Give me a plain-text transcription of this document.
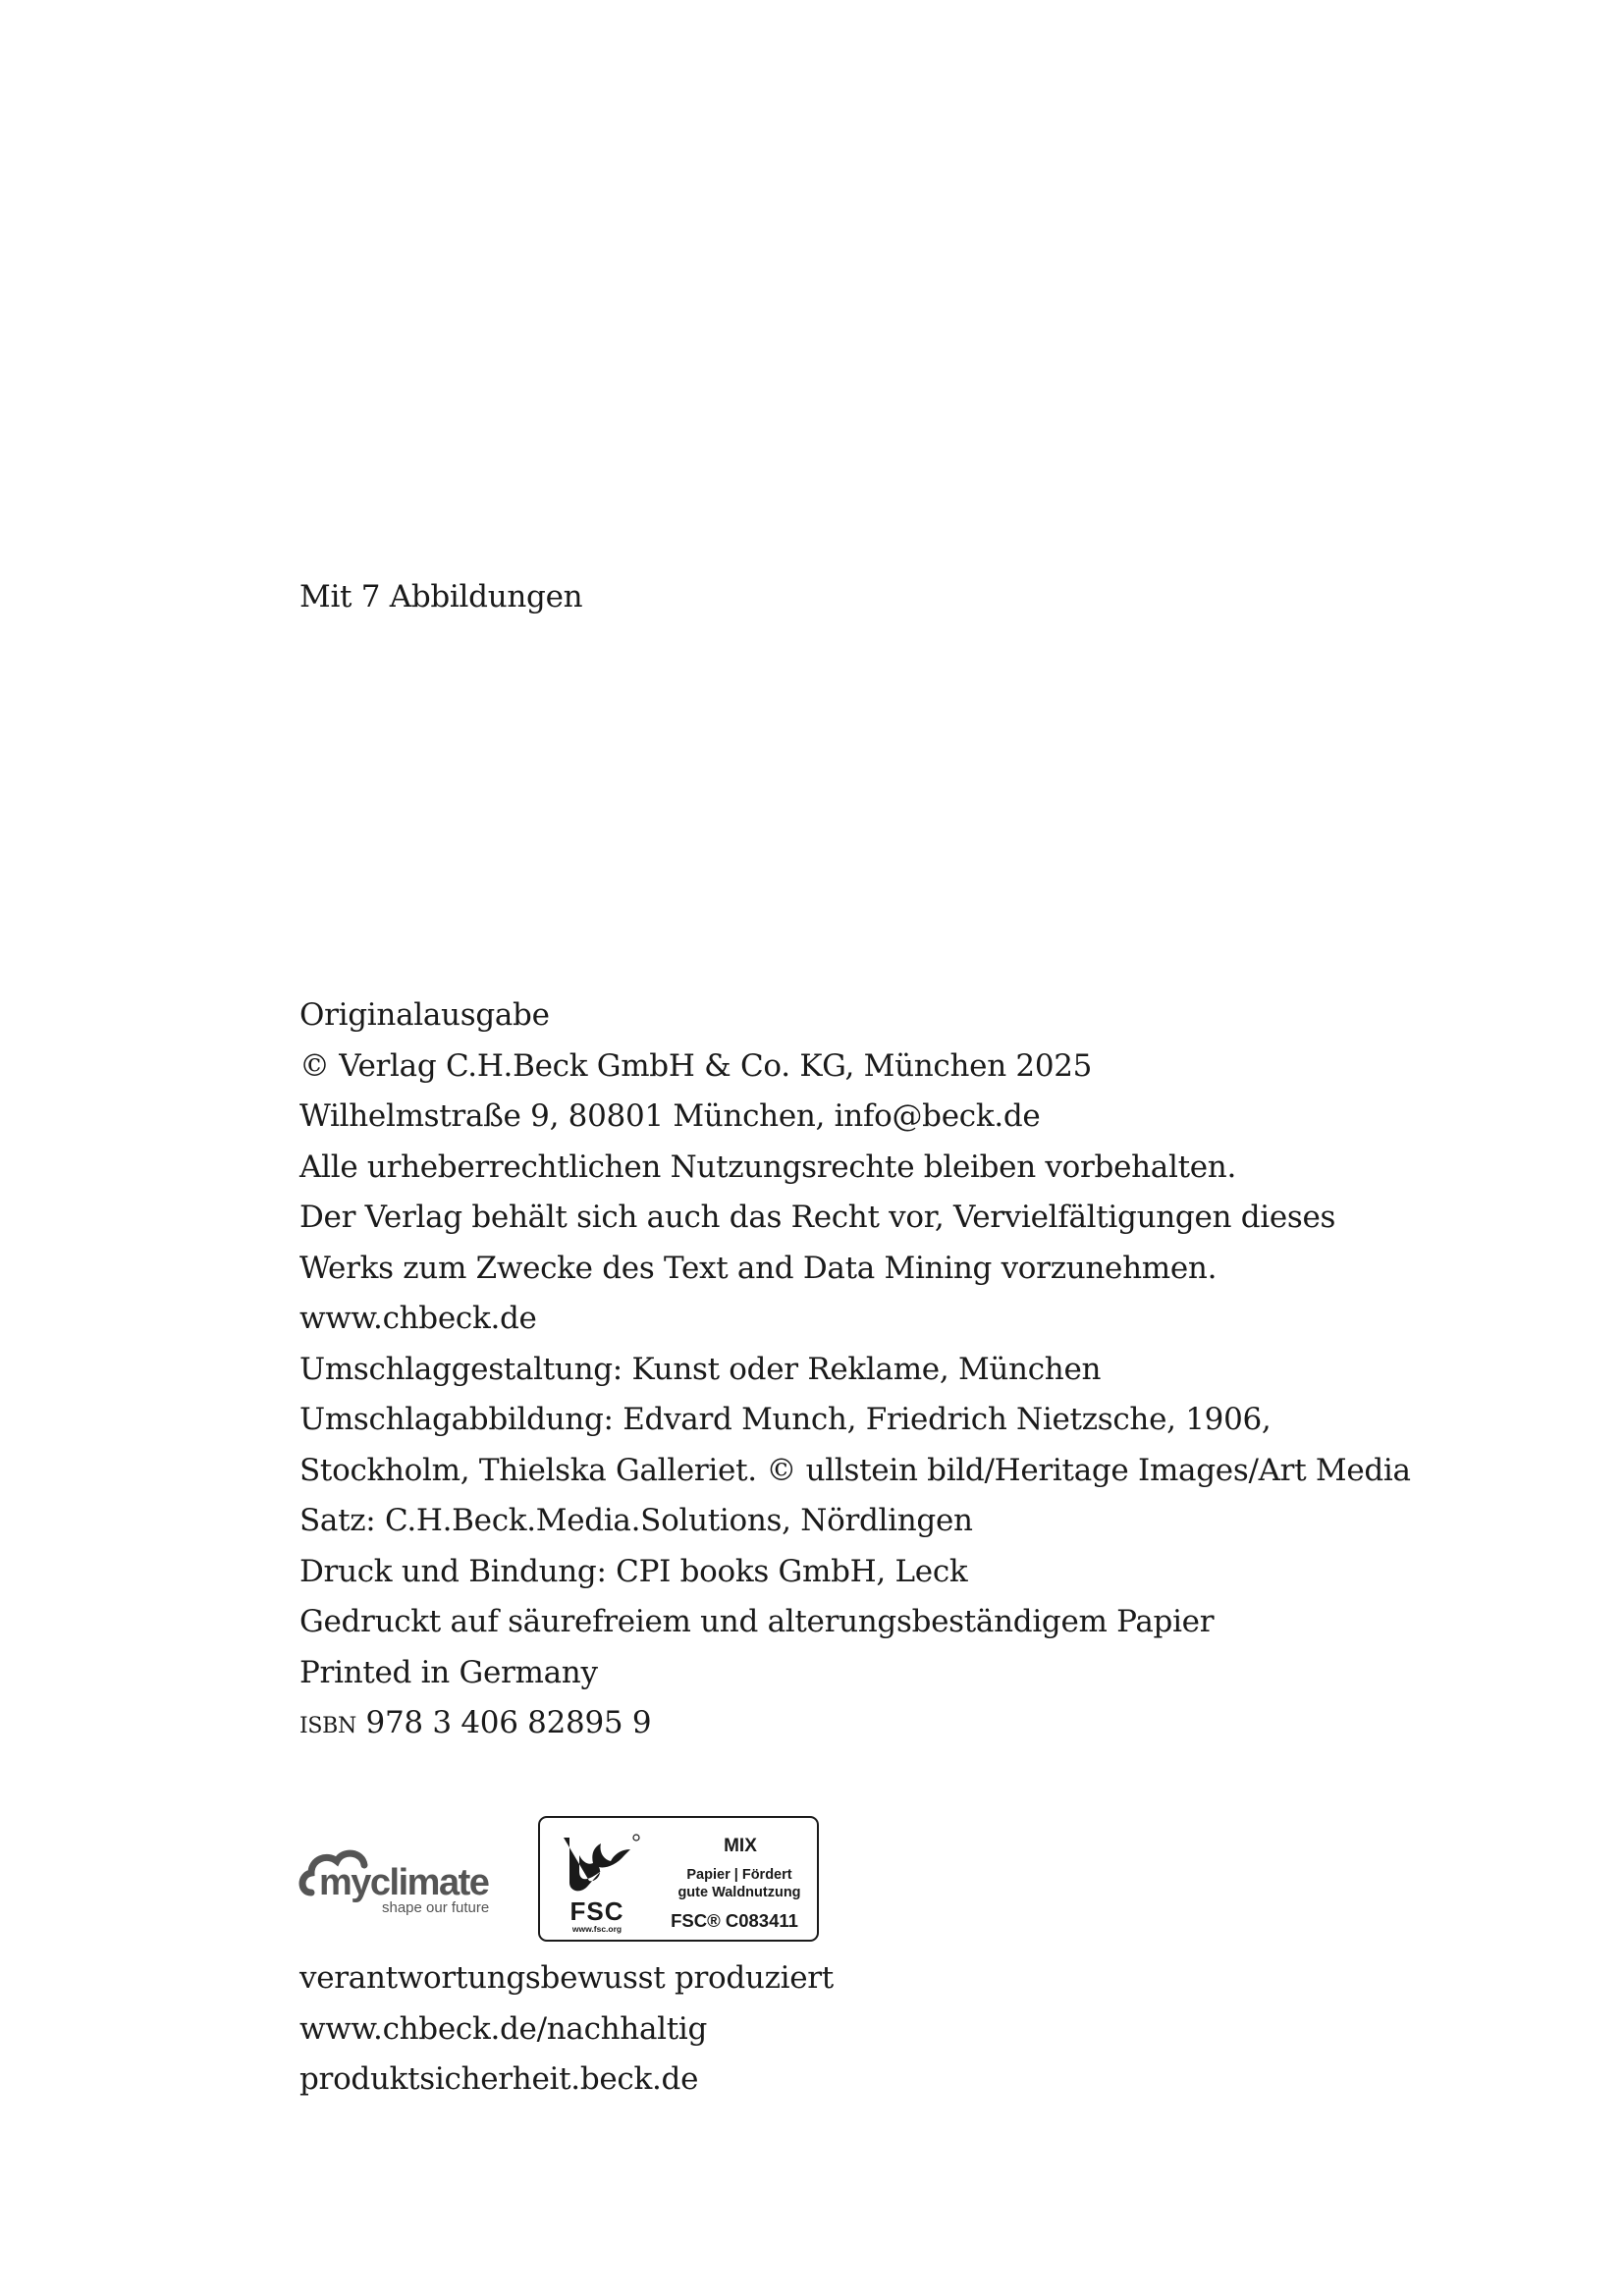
Mit 7 Abbildungen
Originalausgabe
© Verlag C.H.Beck GmbH & Co. KG, München 2025
Wilhelmstraße 9, 80801 München, info@beck.de
Alle urheberrechtlichen Nutzungsrechte bleiben vorbehalten.
Der Verlag behält sich auch das Recht vor, Vervielfältigungen dieses
Werks zum Zwecke des Text and Data Mining vorzunehmen.
www.chbeck.de
Umschlaggestaltung: Kunst oder Reklame, München
Umschlagabbildung: Edvard Munch, Friedrich Nietzsche, 1906,
Stockholm, Thielska Galleriet. © ullstein bild/Heritage Images/Art Media
Satz: C.H.Beck.Media.Solutions, Nördlingen
Druck und Bindung: CPI books GmbH, Leck
Gedruckt auf säurefreiem und alterungsbeständigem Papier
Printed in Germany
isbn 978 3 406 82895 9
myclimate
shape our future	FSC
www.fsc.org
MIX
Papier | Fördert
gute Waldnutzung
FSC® C083411
verantwortungsbewusst produziert
www.chbeck.de/nachhaltig
produktsicherheit.beck.de
